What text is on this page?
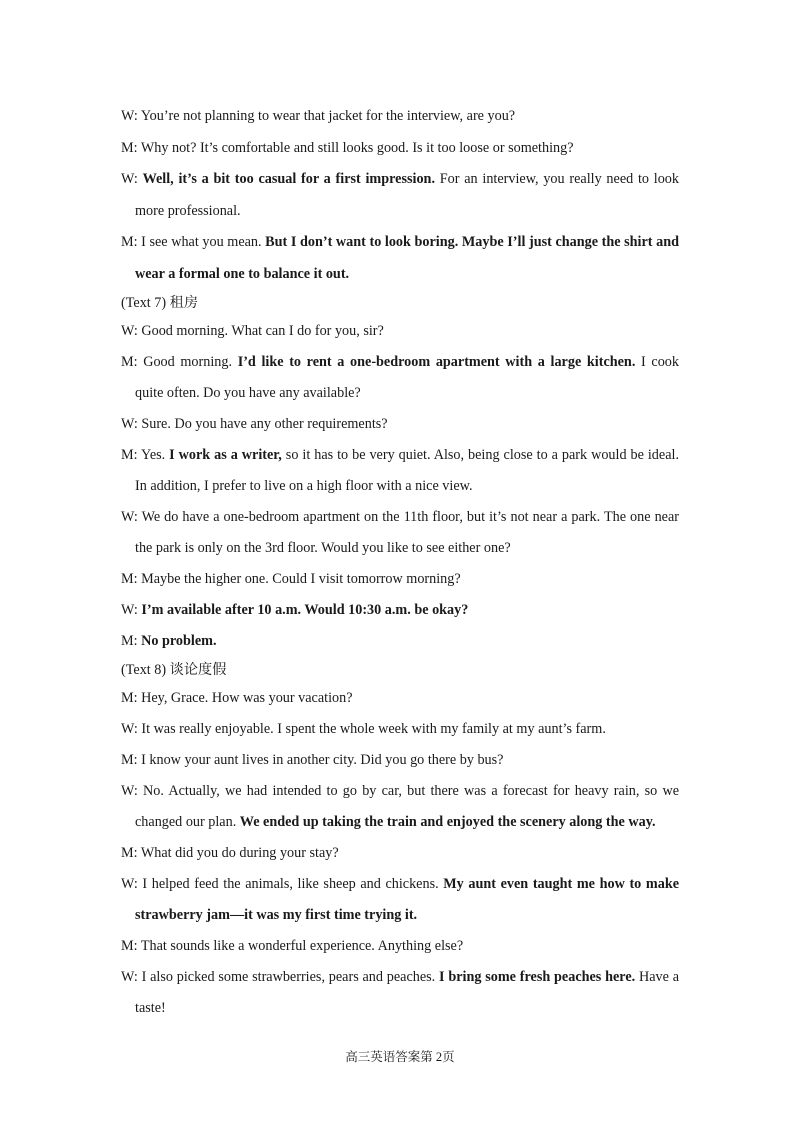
W: You’re not planning to wear that jacket for the interview, are you?

M: Why not? It’s comfortable and still looks good. Is it too loose or something?

W: Well, it’s a bit too casual for a first impression. For an interview, you really need to look more professional.

M: I see what you mean. But I don’t want to look boring. Maybe I’ll just change the shirt and wear a formal one to balance it out.

(Text 7) 租房

W: Good morning. What can I do for you, sir?

M: Good morning. I’d like to rent a one-bedroom apartment with a large kitchen. I cook quite often. Do you have any available?

W: Sure. Do you have any other requirements?

M: Yes. I work as a writer, so it has to be very quiet. Also, being close to a park would be ideal. In addition, I prefer to live on a high floor with a nice view.

W: We do have a one-bedroom apartment on the 11th floor, but it’s not near a park. The one near the park is only on the 3rd floor. Would you like to see either one?

M: Maybe the higher one. Could I visit tomorrow morning?

W: I’m available after 10 a.m. Would 10:30 a.m. be okay?

M: No problem.

(Text 8) 谈论度假

M: Hey, Grace. How was your vacation?

W: It was really enjoyable. I spent the whole week with my family at my aunt’s farm.

M: I know your aunt lives in another city. Did you go there by bus?

W: No. Actually, we had intended to go by car, but there was a forecast for heavy rain, so we changed our plan. We ended up taking the train and enjoyed the scenery along the way.

M: What did you do during your stay?

W: I helped feed the animals, like sheep and chickens. My aunt even taught me how to make strawberry jam—it was my first time trying it.

M: That sounds like a wonderful experience. Anything else?

W: I also picked some strawberries, pears and peaches. I bring some fresh peaches here. Have a taste!

高三英语答案第 2页
